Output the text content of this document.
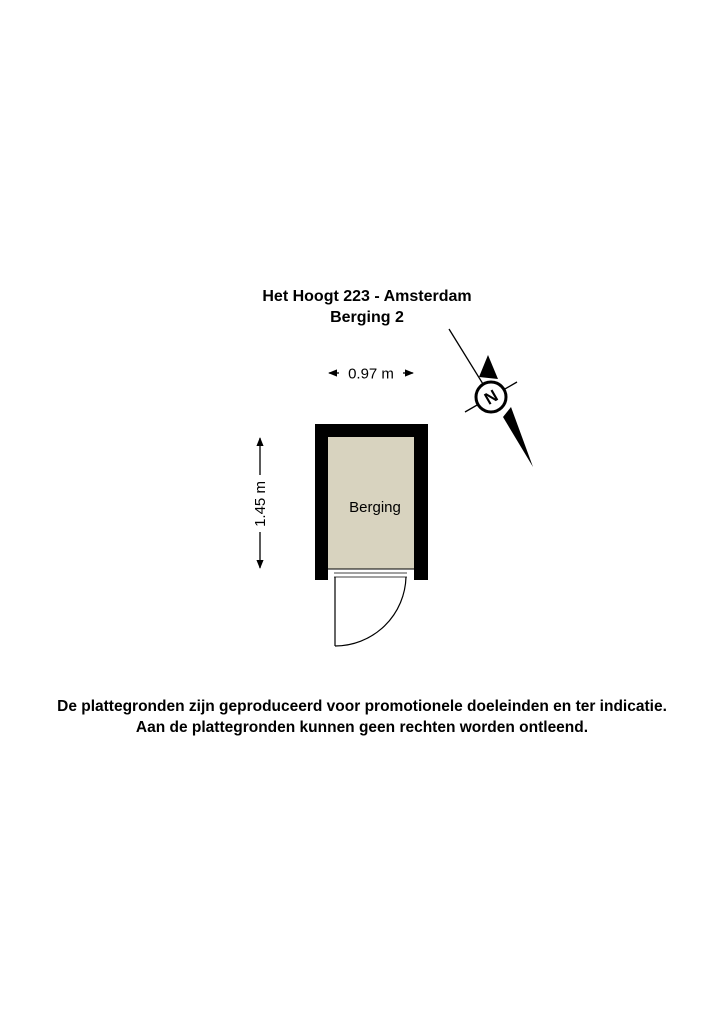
Het Hoogt 223 - Amsterdam
Berging 2
0.97 m
1.45 m	Berging
N
De plattegronden zijn geproduceerd voor promotionele doeleinden en ter indicatie.
Aan de plattegronden kunnen geen rechten worden ontleend.
